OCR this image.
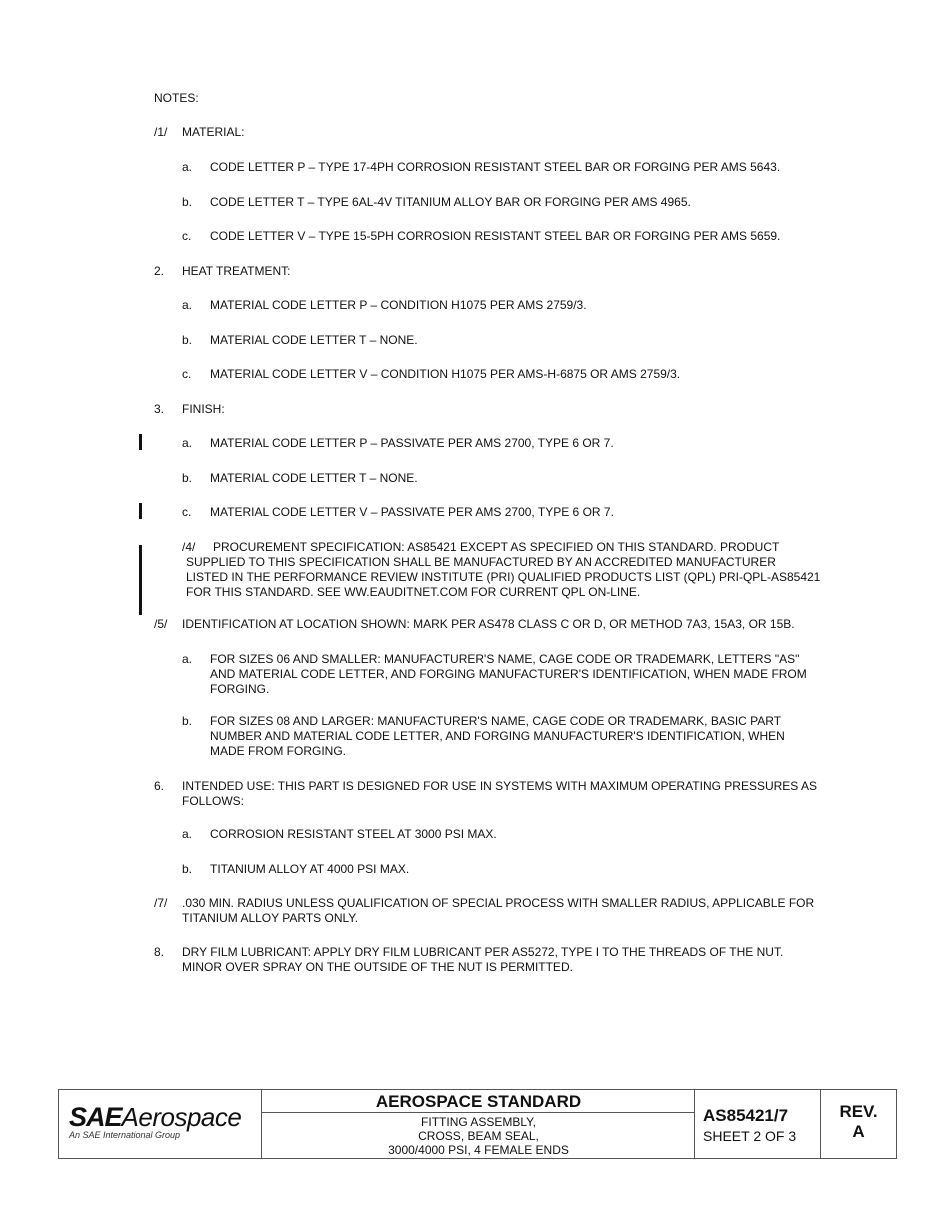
NOTES:
/1/ MATERIAL:
a. CODE LETTER P – TYPE 17-4PH CORROSION RESISTANT STEEL BAR OR FORGING PER AMS 5643.
b. CODE LETTER T – TYPE 6AL-4V TITANIUM ALLOY BAR OR FORGING PER AMS 4965.
c. CODE LETTER V – TYPE 15-5PH CORROSION RESISTANT STEEL BAR OR FORGING PER AMS 5659.
2. HEAT TREATMENT:
a. MATERIAL CODE LETTER P – CONDITION H1075 PER AMS 2759/3.
b. MATERIAL CODE LETTER T – NONE.
c. MATERIAL CODE LETTER V – CONDITION H1075 PER AMS-H-6875 OR AMS 2759/3.
3. FINISH:
a. MATERIAL CODE LETTER P – PASSIVATE PER AMS 2700, TYPE 6 OR 7.
b. MATERIAL CODE LETTER T – NONE.
c. MATERIAL CODE LETTER V – PASSIVATE PER AMS 2700, TYPE 6 OR 7.
/4/	PROCUREMENT SPECIFICATION: AS85421 EXCEPT AS SPECIFIED ON THIS STANDARD. PRODUCT
SUPPLIED TO THIS SPECIFICATION SHALL BE MANUFACTURED BY AN ACCREDITED MANUFACTURER
LISTED IN THE PERFORMANCE REVIEW INSTITUTE (PRI) QUALIFIED PRODUCTS LIST (QPL) PRI-QPL-AS85421
FOR THIS STANDARD. SEE WW.EAUDITNET.COM FOR CURRENT QPL ON-LINE.
/5/ IDENTIFICATION AT LOCATION SHOWN: MARK PER AS478 CLASS C OR D, OR METHOD 7A3, 15A3, OR 15B.
a. FOR SIZES 06 AND SMALLER: MANUFACTURER'S NAME, CAGE CODE OR TRADEMARK, LETTERS "AS"
AND MATERIAL CODE LETTER, AND FORGING MANUFACTURER'S IDENTIFICATION, WHEN MADE FROM
FORGING.
b. FOR SIZES 08 AND LARGER: MANUFACTURER'S NAME, CAGE CODE OR TRADEMARK, BASIC PART
NUMBER AND MATERIAL CODE LETTER, AND FORGING MANUFACTURER'S IDENTIFICATION, WHEN
MADE FROM FORGING.
6. INTENDED USE: THIS PART IS DESIGNED FOR USE IN SYSTEMS WITH MAXIMUM OPERATING PRESSURES AS
FOLLOWS:
a. CORROSION RESISTANT STEEL AT 3000 PSI MAX.
b. TITANIUM ALLOY AT 4000 PSI MAX.
/7/ .030 MIN. RADIUS UNLESS QUALIFICATION OF SPECIAL PROCESS WITH SMALLER RADIUS, APPLICABLE FOR
TITANIUM ALLOY PARTS ONLY.
8. DRY FILM LUBRICANT: APPLY DRY FILM LUBRICANT PER AS5272, TYPE I TO THE THREADS OF THE NUT.
MINOR OVER SPRAY ON THE OUTSIDE OF THE NUT IS PERMITTED.
SAEAerospace
An SAE International Group
AEROSPACE STANDARD
FITTING ASSEMBLY,
CROSS, BEAM SEAL,
3000/4000 PSI, 4 FEMALE ENDS
AS85421/7
SHEET 2 OF 3
REV.
A
